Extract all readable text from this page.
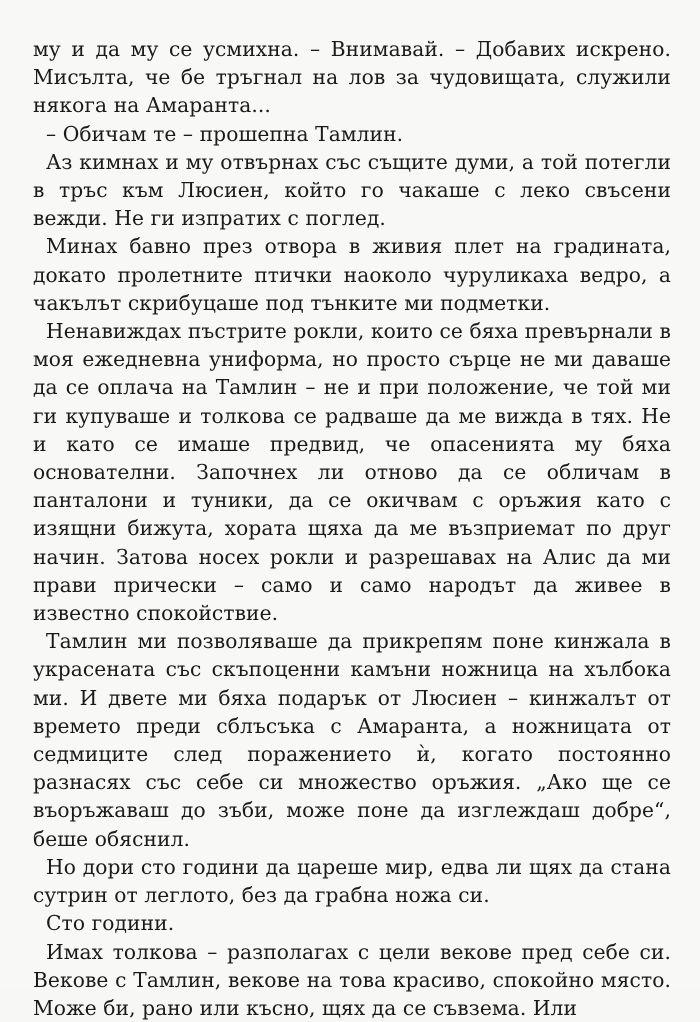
му и да му се усмихна. – Внимавай. – Добавих искрено. Мисълта, че бе тръгнал на лов за чудовищата, служили някога на Амаранта...

– Обичам те – прошепна Тамлин.

Аз кимнах и му отвърнах със същите думи, а той потегли в тръс към Люсиен, който го чакаше с леко свъсени вежди. Не ги изпратих с поглед.

Минах бавно през отвора в живия плет на градината, докато пролетните птички наоколо чуруликаха ведро, а чакълът скрибуцаше под тънките ми подметки.

Ненавиждах пъстрите рокли, които се бяха превърнали в моя ежедневна униформа, но просто сърце не ми даваше да се оплача на Тамлин – не и при положение, че той ми ги купуваше и толкова се радваше да ме вижда в тях. Не и като се имаше предвид, че опасенията му бяха основателни. Започнех ли отново да се обличам в панталони и туники, да се окичвам с оръжия като с изящни бижута, хората щяха да ме възприемат по друг начин. Затова носех рокли и разрешавах на Алис да ми прави прически – само и само народът да живее в известно спокойствие.

Тамлин ми позволяваше да прикрепям поне кинжала в украсената със скъпоценни камъни ножница на хълбока ми. И двете ми бяха подарък от Люсиен – кинжалът от времето преди сблъсъка с Амаранта, а ножницата от седмиците след поражението ѝ, когато постоянно разнасях със себе си множество оръжия. „Ако ще се въоръжаваш до зъби, може поне да изглеждаш добре“, беше обяснил.

Но дори сто години да цареше мир, едва ли щях да стана сутрин от леглото, без да грабна ножа си.

Сто години.

Имах толкова – разполагах с цели векове пред себе си. Векове с Тамлин, векове на това красиво, спокойно място. Може би, рано или късно, щях да се съвзема. Или
